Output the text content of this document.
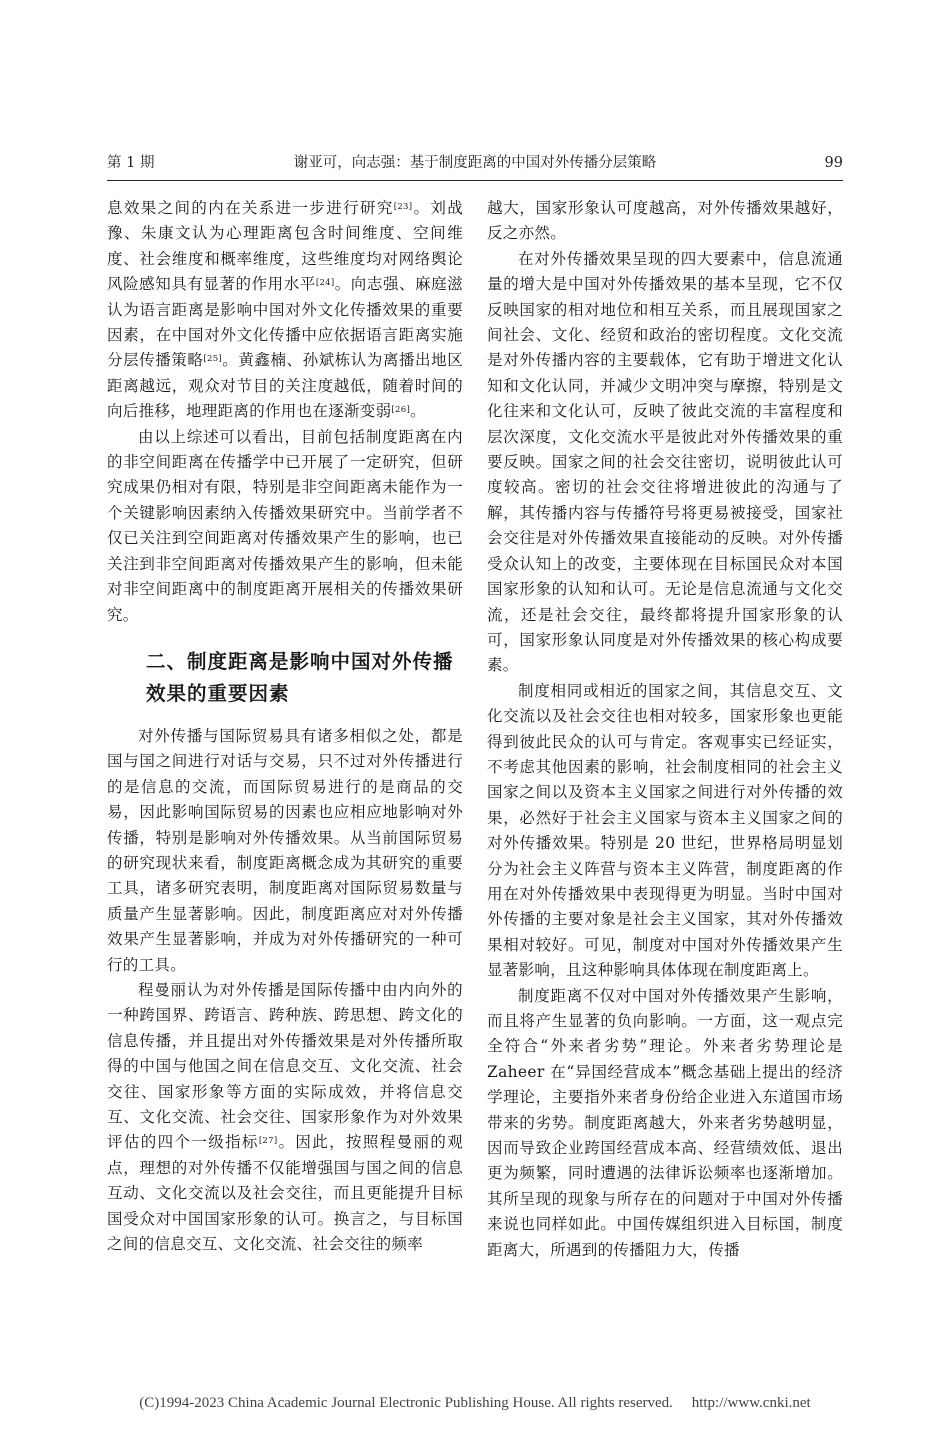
第 1 期	谢亚可，向志强：基于制度距离的中国对外传播分层策略	99

息效果之间的内在关系进一步进行研究[23]。刘战豫、朱康文认为心理距离包含时间维度、空间维度、社会维度和概率维度，这些维度均对网络舆论风险感知具有显著的作用水平[24]。向志强、麻庭滋认为语言距离是影响中国对外文化传播效果的重要因素，在中国对外文化传播中应依据语言距离实施分层传播策略[25]。黄鑫楠、孙斌栋认为离播出地区距离越远，观众对节目的关注度越低，随着时间的向后推移，地理距离的作用也在逐渐变弱[26]。

由以上综述可以看出，目前包括制度距离在内的非空间距离在传播学中已开展了一定研究，但研究成果仍相对有限，特别是非空间距离未能作为一个关键影响因素纳入传播效果研究中。当前学者不仅已关注到空间距离对传播效果产生的影响，也已关注到非空间距离对传播效果产生的影响，但未能对非空间距离中的制度距离开展相关的传播效果研究。

二、制度距离是影响中国对外传播效果的重要因素

对外传播与国际贸易具有诸多相似之处，都是国与国之间进行对话与交易，只不过对外传播进行的是信息的交流，而国际贸易进行的是商品的交易，因此影响国际贸易的因素也应相应地影响对外传播，特别是影响对外传播效果。从当前国际贸易的研究现状来看，制度距离概念成为其研究的重要工具，诸多研究表明，制度距离对国际贸易数量与质量产生显著影响。因此，制度距离应对对外传播效果产生显著影响，并成为对外传播研究的一种可行的工具。

程曼丽认为对外传播是国际传播中由内向外的一种跨国界、跨语言、跨种族、跨思想、跨文化的信息传播，并且提出对外传播效果是对外传播所取得的中国与他国之间在信息交互、文化交流、社会交往、国家形象等方面的实际成效，并将信息交互、文化交流、社会交往、国家形象作为对外效果评估的四个一级指标[27]。因此，按照程曼丽的观点，理想的对外传播不仅能增强国与国之间的信息互动、文化交流以及社会交往，而且更能提升目标国受众对中国国家形象的认可。换言之，与目标国之间的信息交互、文化交流、社会交往的频率

越大，国家形象认可度越高，对外传播效果越好，反之亦然。

在对外传播效果呈现的四大要素中，信息流通量的增大是中国对外传播效果的基本呈现，它不仅反映国家的相对地位和相互关系，而且展现国家之间社会、文化、经贸和政治的密切程度。文化交流是对外传播内容的主要载体，它有助于增进文化认知和文化认同，并减少文明冲突与摩擦，特别是文化往来和文化认可，反映了彼此交流的丰富程度和层次深度，文化交流水平是彼此对外传播效果的重要反映。国家之间的社会交往密切，说明彼此认可度较高。密切的社会交往将增进彼此的沟通与了解，其传播内容与传播符号将更易被接受，国家社会交往是对外传播效果直接能动的反映。对外传播受众认知上的改变，主要体现在目标国民众对本国国家形象的认知和认可。无论是信息流通与文化交流，还是社会交往，最终都将提升国家形象的认可，国家形象认同度是对外传播效果的核心构成要素。

制度相同或相近的国家之间，其信息交互、文化交流以及社会交往也相对较多，国家形象也更能得到彼此民众的认可与肯定。客观事实已经证实，不考虑其他因素的影响，社会制度相同的社会主义国家之间以及资本主义国家之间进行对外传播的效果，必然好于社会主义国家与资本主义国家之间的对外传播效果。特别是 20 世纪，世界格局明显划分为社会主义阵营与资本主义阵营，制度距离的作用在对外传播效果中表现得更为明显。当时中国对外传播的主要对象是社会主义国家，其对外传播效果相对较好。可见，制度对中国对外传播效果产生显著影响，且这种影响具体体现在制度距离上。

制度距离不仅对中国对外传播效果产生影响，而且将产生显著的负向影响。一方面，这一观点完全符合“外来者劣势”理论。外来者劣势理论是 Zaheer 在“异国经营成本”概念基础上提出的经济学理论，主要指外来者身份给企业进入东道国市场带来的劣势。制度距离越大，外来者劣势越明显，因而导致企业跨国经营成本高、经营绩效低、退出更为频繁，同时遭遇的法律诉讼频率也逐渐增加。其所呈现的现象与所存在的问题对于中国对外传播来说也同样如此。中国传媒组织进入目标国，制度距离大，所遇到的传播阻力大，传播

(C)1994-2023 China Academic Journal Electronic Publishing House. All rights reserved. http://www.cnki.net
